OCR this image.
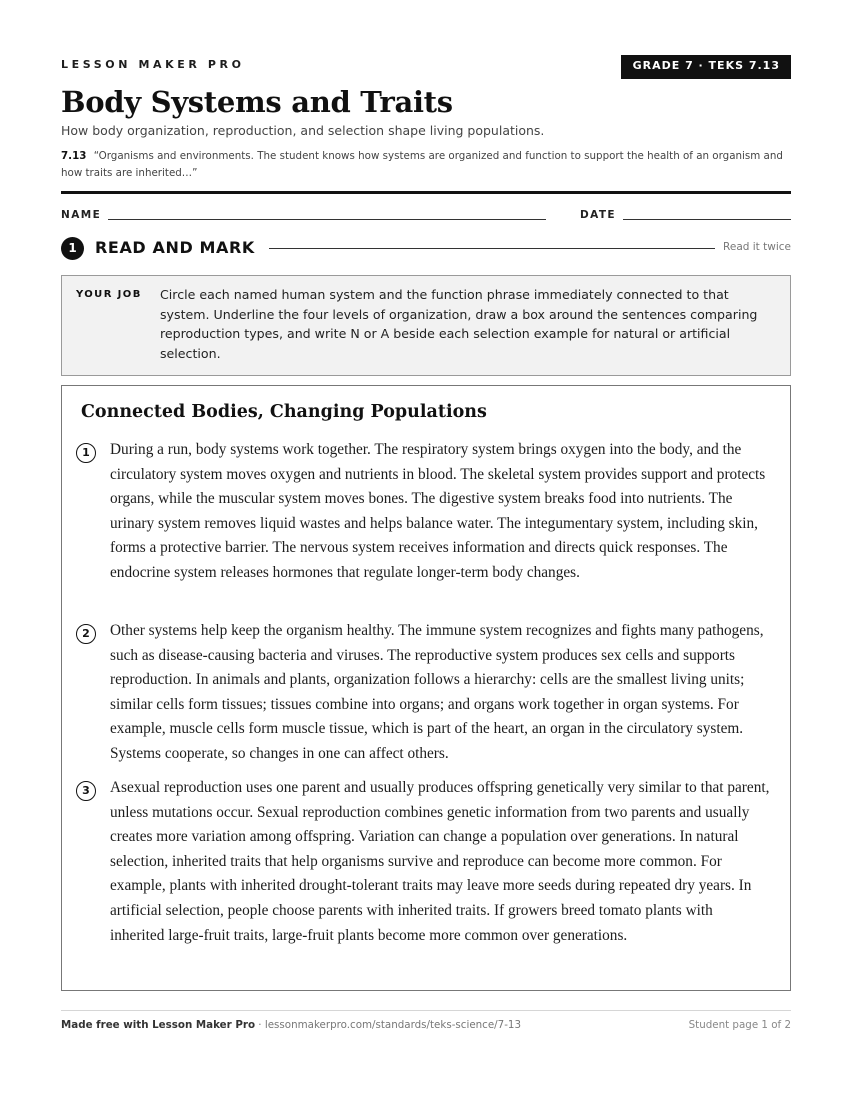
LESSON MAKER PRO	GRADE 7 · TEKS 7.13
Body Systems and Traits
How body organization, reproduction, and selection shape living populations.
7.13 “Organisms and environments. The student knows how systems are organized and function to support the health of an organism and how traits are inherited…”
NAME	DATE
1	READ AND MARK	Read it twice
YOUR JOB Circle each named human system and the function phrase immediately connected to that system. Underline the four levels of organization, draw a box around the sentences comparing reproduction types, and write N or A beside each selection example for natural or artificial selection.
Connected Bodies, Changing Populations
1	During a run, body systems work together. The respiratory system brings oxygen into the body, and the circulatory system moves oxygen and nutrients in blood. The skeletal system provides support and protects organs, while the muscular system moves bones. The digestive system breaks food into nutrients. The urinary system removes liquid wastes and helps balance water. The integumentary system, including skin, forms a protective barrier. The nervous system receives information and directs quick responses. The endocrine system releases hormones that regulate longer-term body changes.

2	Other systems help keep the organism healthy. The immune system recognizes and fights many pathogens, such as disease-causing bacteria and viruses. The reproductive system produces sex cells and supports reproduction. In animals and plants, organization follows a hierarchy: cells are the smallest living units; similar cells form tissues; tissues combine into organs; and organs work together in organ systems. For example, muscle cells form muscle tissue, which is part of the heart, an organ in the circulatory system. Systems cooperate, so changes in one can affect others.

3	Asexual reproduction uses one parent and usually produces offspring genetically very similar to that parent, unless mutations occur. Sexual reproduction combines genetic information from two parents and usually creates more variation among offspring. Variation can change a population over generations. In natural selection, inherited traits that help organisms survive and reproduce can become more common. For example, plants with inherited drought-tolerant traits may leave more seeds during repeated dry years. In artificial selection, people choose parents with inherited traits. If growers breed tomato plants with inherited large-fruit traits, large-fruit plants become more common over generations.

Made free with Lesson Maker Pro · lessonmakerpro.com/standards/teks-science/7-13	Student page 1 of 2
